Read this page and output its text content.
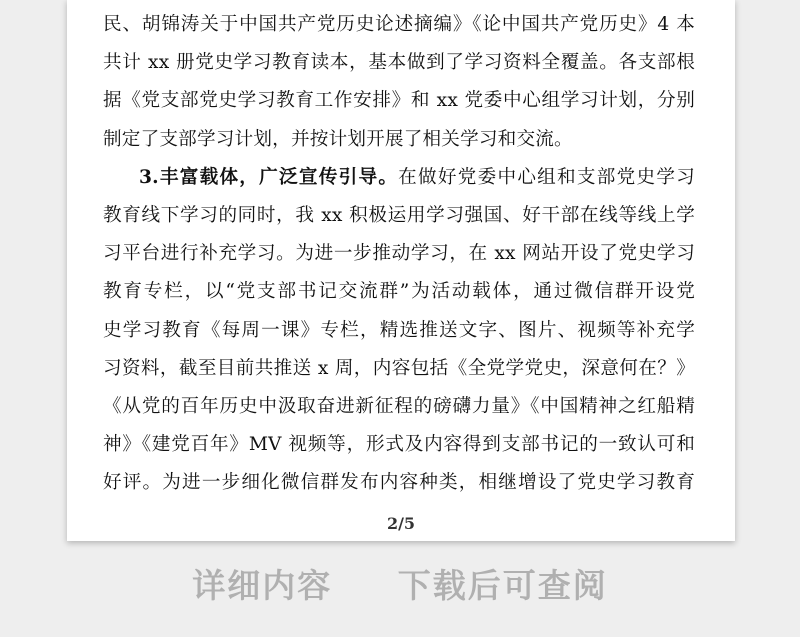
民、胡锦涛关于中国共产党历史论述摘编》《论中国共产党历史》4 本
共计 xx 册党史学习教育读本，基本做到了学习资料全覆盖。各支部根
据《党支部党史学习教育工作安排》和 xx 党委中心组学习计划，分别
制定了支部学习计划，并按计划开展了相关学习和交流。
3.丰富载体，广泛宣传引导。在做好党委中心组和支部党史学习
教育线下学习的同时，我 xx 积极运用学习强国、好干部在线等线上学
习平台进行补充学习。为进一步推动学习，在 xx 网站开设了党史学习
教育专栏，以“党支部书记交流群”为活动载体，通过微信群开设党
史学习教育《每周一课》专栏，精选推送文字、图片、视频等补充学
习资料，截至目前共推送 x 周，内容包括《全党学党史，深意何在？》
《从党的百年历史中汲取奋进新征程的磅礴力量》《中国精神之红船精
神》《建党百年》MV 视频等，形式及内容得到支部书记的一致认可和
好评。为进一步细化微信群发布内容种类，相继增设了党史学习教育
2/5
详细内容 下载后可查阅
